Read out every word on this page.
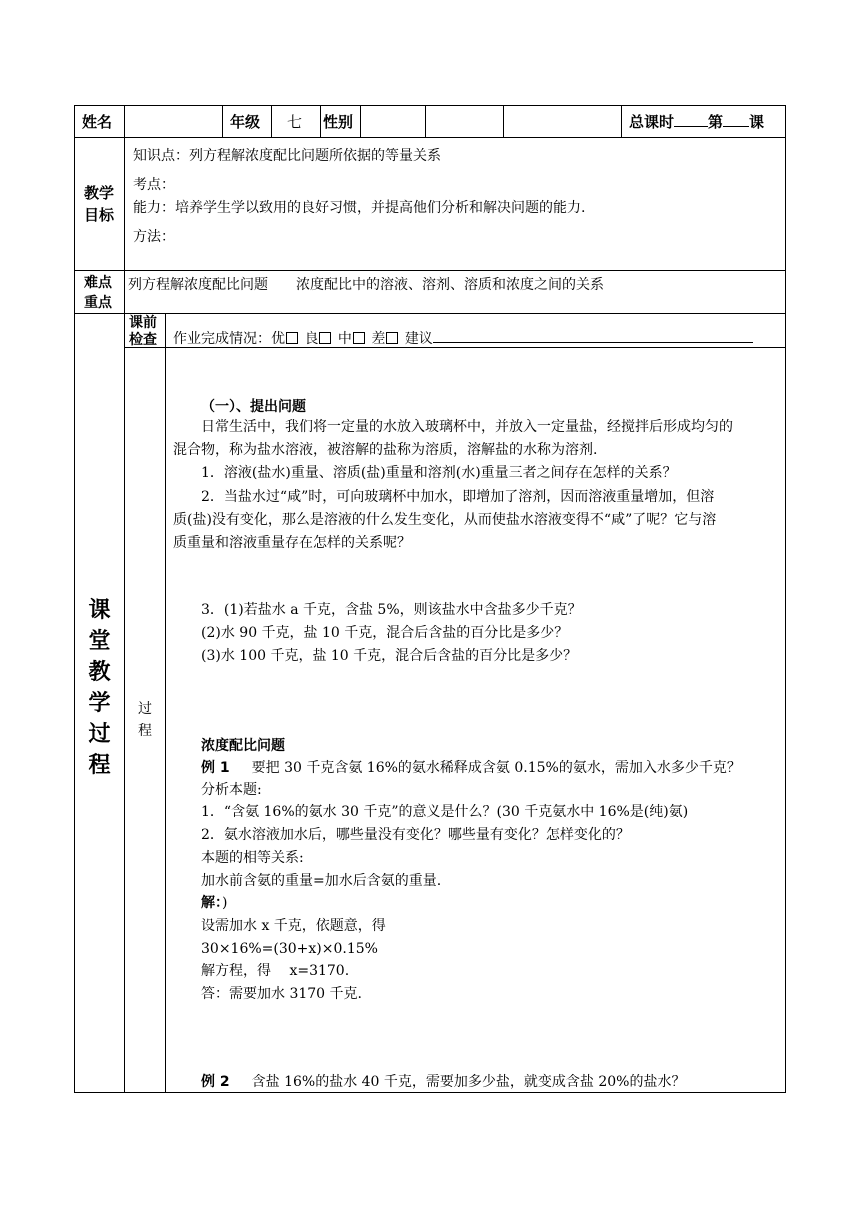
姓名	年级 七 性别	总课时 第 课
教学
目标
知识点：列方程解浓度配比问题所依据的等量关系
考点：
能力：培养学生学以致用的良好习惯，并提高他们分析和解决问题的能力.
方法：
难点
重点
列方程解浓度配比问题　　浓度配比中的溶液、溶剂、溶质和浓度之间的关系
课
堂
教
学
过
程
课前
检查 作业完成情况：优 良 中 差 建议
过
程
（一）、提出问题
日常生活中，我们将一定量的水放入玻璃杯中，并放入一定量盐，经搅拌后形成均匀的
混合物，称为盐水溶液，被溶解的盐称为溶质，溶解盐的水称为溶剂.
1．溶液(盐水)重量、溶质(盐)重量和溶剂(水)重量三者之间存在怎样的关系？
2．当盐水过“咸”时，可向玻璃杯中加水，即增加了溶剂，因而溶液重量增加，但溶
质(盐)没有变化，那么是溶液的什么发生变化，从而使盐水溶液变得不“咸”了呢？它与溶
质重量和溶液重量存在怎样的关系呢？
3．(1)若盐水 a 千克，含盐 5%，则该盐水中含盐多少千克？
(2)水 90 千克，盐 10 千克，混合后含盐的百分比是多少？
(3)水 100 千克，盐 10 千克，混合后含盐的百分比是多少？
浓度配比问题
例 1 要把 30 千克含氨 16%的氨水稀释成含氨 0.15%的氨水，需加入水多少千克？
分析本题:
1．“含氨 16%的氨水 30 千克”的意义是什么？(30 千克氨水中 16%是(纯)氨)
2．氨水溶液加水后，哪些量没有变化？哪些量有变化？怎样变化的？
本题的相等关系:
加水前含氨的重量=加水后含氨的重量.
解：)
设需加水 x 千克，依题意，得
30×16%=(30+x)×0.15%
解方程，得　 x=3170.
答：需要加水 3170 千克.
例 2 含盐 16%的盐水 40 千克，需要加多少盐，就变成含盐 20%的盐水？
